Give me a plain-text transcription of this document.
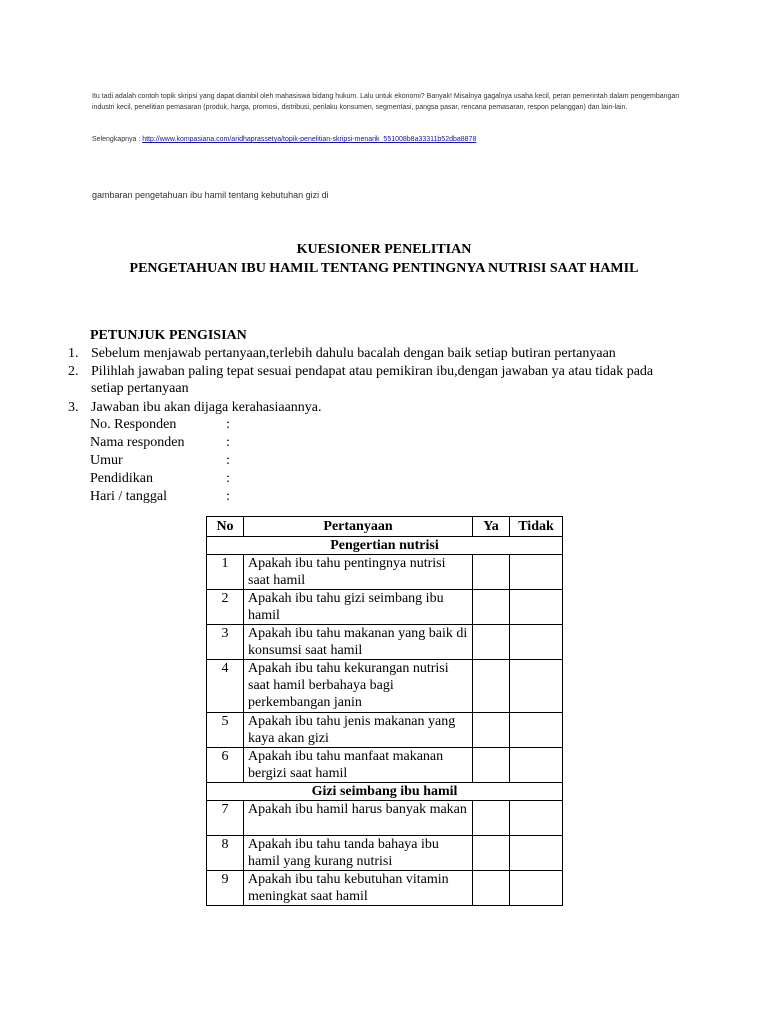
Itu tadi adalah contoh topik skripsi yang dapat diambil oleh mahasiswa bidang hukum. Lalu untuk ekonomi? Banyak! Misalnya gagalnya usaha kecil, peran pemerintah dalam pengembangan industri kecil, penelitian pemasaran (produk, harga, promosi, distribusi, perilaku konsumen, segmentasi, pangsa pasar, rencana pemasaran, respon pelanggan) dan lain-lain.
Selengkapnya : http://www.kompasiana.com/aridhaprassetya/topik-penelitian-skripsi-menarik_551008b8a33311b52dba8878
gambaran pengetahuan ibu hamil tentang kebutuhan gizi di
KUESIONER PENELITIAN
PENGETAHUAN IBU HAMIL TENTANG PENTINGNYA NUTRISI SAAT HAMIL
PETUNJUK PENGISIAN
1. Sebelum menjawab pertanyaan,terlebih dahulu bacalah dengan baik setiap butiran pertanyaan
2. Pilihlah jawaban paling tepat sesuai pendapat atau pemikiran ibu,dengan jawaban ya atau tidak pada setiap pertanyaan
3. Jawaban ibu akan dijaga kerahasiaannya.
No. Responden	:
Nama responden	:
Umur	:
Pendidikan	:
Hari / tanggal	:
No	Pertanyaan	Ya	Tidak
Pengertian nutrisi			
1	Apakah ibu tahu pentingnya nutrisi saat hamil		
2	Apakah ibu tahu gizi seimbang ibu hamil		
3	Apakah ibu tahu makanan yang baik di konsumsi saat hamil		
4	Apakah ibu tahu kekurangan nutrisi saat hamil berbahaya bagi perkembangan janin		
5	Apakah ibu tahu jenis makanan yang kaya akan gizi		
6	Apakah ibu tahu manfaat makanan bergizi saat hamil		
Gizi seimbang ibu hamil			
7	Apakah ibu hamil harus banyak makan		
8	Apakah ibu tahu tanda bahaya ibu hamil yang kurang nutrisi		
9	Apakah ibu tahu kebutuhan vitamin meningkat saat hamil		
